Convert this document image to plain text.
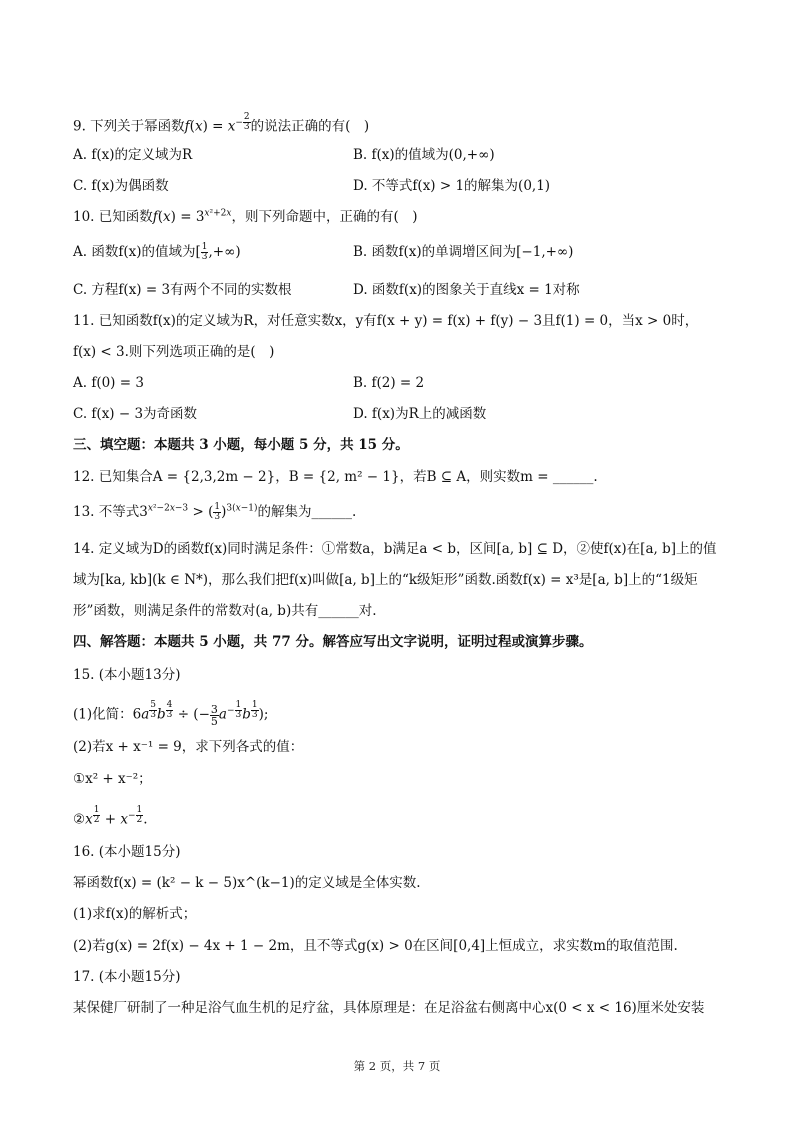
9. 下列关于幂函数$f(x) = x^{- \frac{2}{3}}$ 的说法正确的有(　)
A. f(x)的定义域为R	B. f(x)的值域为(0,+∞)
C. f(x)为偶函数	D. 不等式f(x) > 1的解集为(0,1)
10. 已知函数$f(x) = 3^{x^2+2x}$，则下列命题中，正确的有(　)
A. 函数f(x)的值域为[ $\frac{1}{3}$ ,+∞)	B. 函数f(x)的单调增区间为[−1,+∞)
C. 方程f(x) = 3有两个不同的实数根	D. 函数f(x)的图象关于直线x = 1对称
11. 已知函数f(x)的定义域为R，对任意实数x，y有f(x + y) = f(x) + f(y) − 3且f(1) = 0，当x > 0时，
f(x) < 3.则下列选项正确的是(　)
A. f(0) = 3	B. f(2) = 2
C. f(x) − 3为奇函数	D. f(x)为R上的减函数
三、填空题：本题共 3 小题，每小题 5 分，共 15 分。
12. 已知集合A = {2,3,2m − 2}，B = {2, m² − 1}，若B ⊆ A，则实数m = ______.
13. 不等式$3^{x^2-2x-3}$ > ( $\frac{1}{3} )^{3(x-1)}$的解集为______.
14. 定义域为D的函数f(x)同时满足条件：①常数a，b满足a < b，区间[a, b] ⊆ D，②使f(x)在[a, b]上的值
域为[ka, kb](k ∈ N*)，那么我们把f(x)叫做[a, b]上的“k级矩形”函数.函数f(x) = x³是[a, b]上的“1级矩
形”函数，则满足条件的常数对(a, b)共有______对.
四、解答题：本题共 5 小题，共 77 分。解答应写出文字说明，证明过程或演算步骤。
15. (本小题13分)
(1)化简：6a $^{\frac{5}{3}}$ b $^{\frac{4}{3}}$ ÷ (− $\frac{3}{5} a^{- \frac{1}{3}}$ b $^{\frac{1}{3}}$ );
(2)若x + x⁻¹ = 9，求下列各式的值：
①x² + x⁻²；
②x $^{\frac{1}{2}} + x^{- \frac{1}{2}}$ .
16. (本小题15分)
幂函数f(x) = (k² − k − 5)x^(k−1)的定义域是全体实数.
(1)求f(x)的解析式；
(2)若g(x) = 2f(x) − 4x + 1 − 2m，且不等式g(x) > 0在区间[0,4]上恒成立，求实数m的取值范围.
17. (本小题15分)
某保健厂研制了一种足浴气血生机的足疗盆，具体原理是：在足浴盆右侧离中心x(0 < x < 16)厘米处安装
第 2 页，共 7 页
